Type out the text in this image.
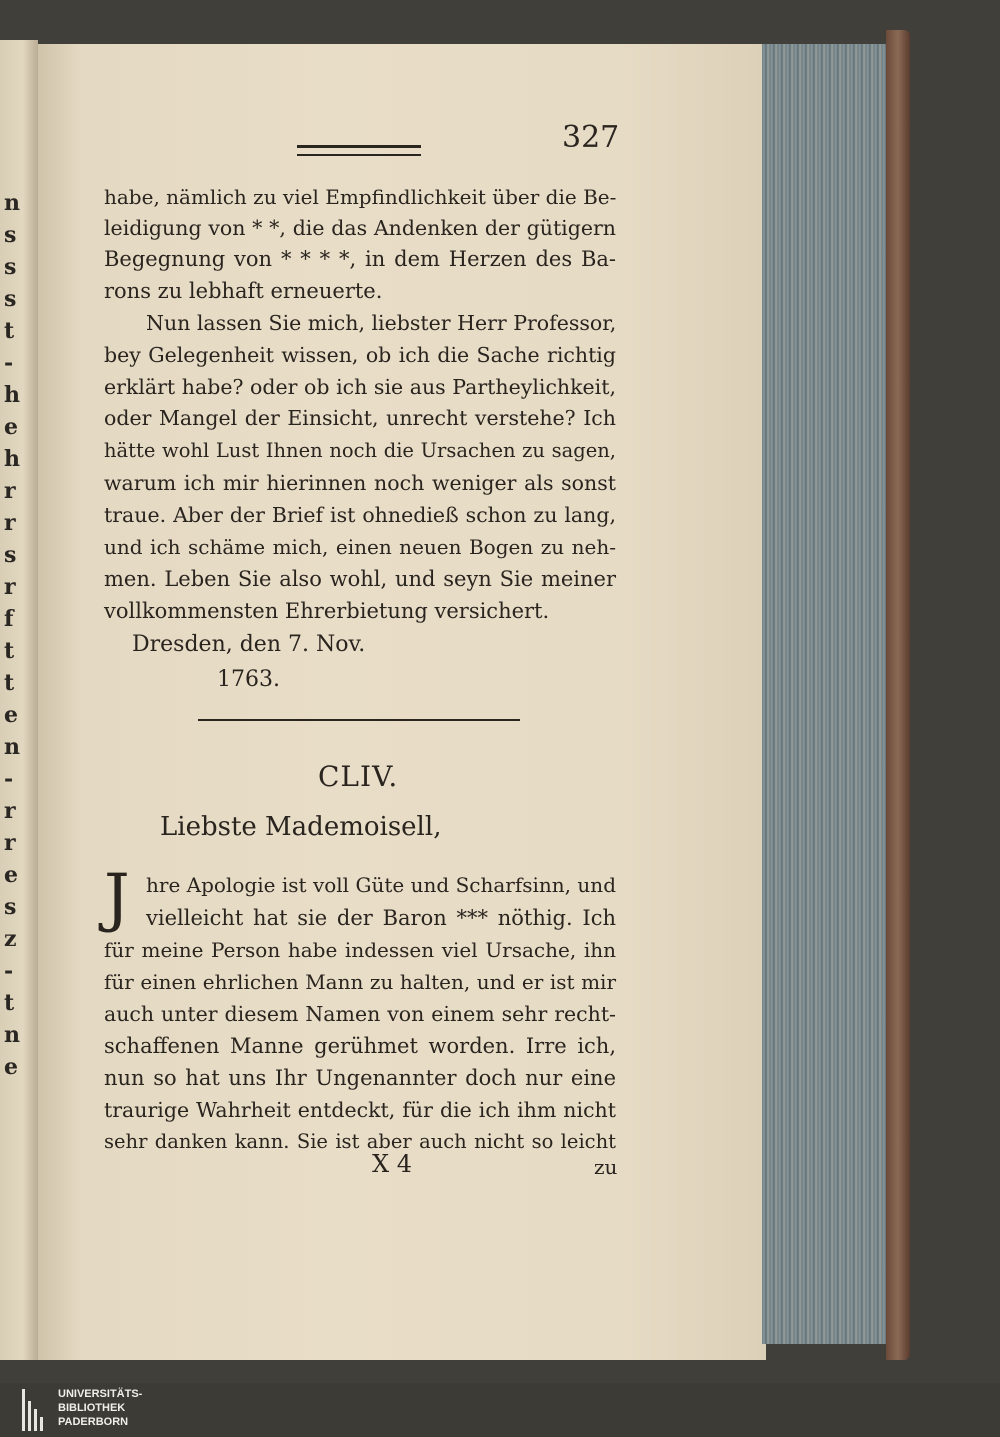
n
s
s
s
t
-
h
e
h
r
r
s
r
f
t
t
e
n
-
r
r
e
s
z
-
t
n
e
327

habe, nämlich zu viel Empfindlichkeit über die Be-

leidigung von * *, die das Andenken der gütigern

Begegnung von * * * *, in dem Herzen des Ba-

rons zu lebhaft erneuerte.

Nun lassen Sie mich, liebster Herr Professor,

bey Gelegenheit wissen, ob ich die Sache richtig

erklärt habe? oder ob ich sie aus Partheylichkeit,

oder Mangel der Einsicht, unrecht verstehe? Ich

hätte wohl Lust Ihnen noch die Ursachen zu sagen,

warum ich mir hierinnen noch weniger als sonst

traue. Aber der Brief ist ohnedieß schon zu lang,

und ich schäme mich, einen neuen Bogen zu neh-

men. Leben Sie also wohl, und seyn Sie meiner

vollkommensten Ehrerbietung versichert.

Dresden, den 7. Nov.
1763.
CLIV.
Liebste Mademoisell,
J hre Apologie ist voll Güte und Scharfsinn, und

vielleicht hat sie der Baron *** nöthig. Ich

für meine Person habe indessen viel Ursache, ihn

für einen ehrlichen Mann zu halten, und er ist mir

auch unter diesem Namen von einem sehr recht-

schaffenen Manne gerühmet worden. Irre ich,

nun so hat uns Ihr Ungenannter doch nur eine

traurige Wahrheit entdeckt, für die ich ihm nicht

sehr danken kann. Sie ist aber auch nicht so leicht

X 4	zu
UNIVERSITÄTS-
BIBLIOTHEK
PADERBORN
